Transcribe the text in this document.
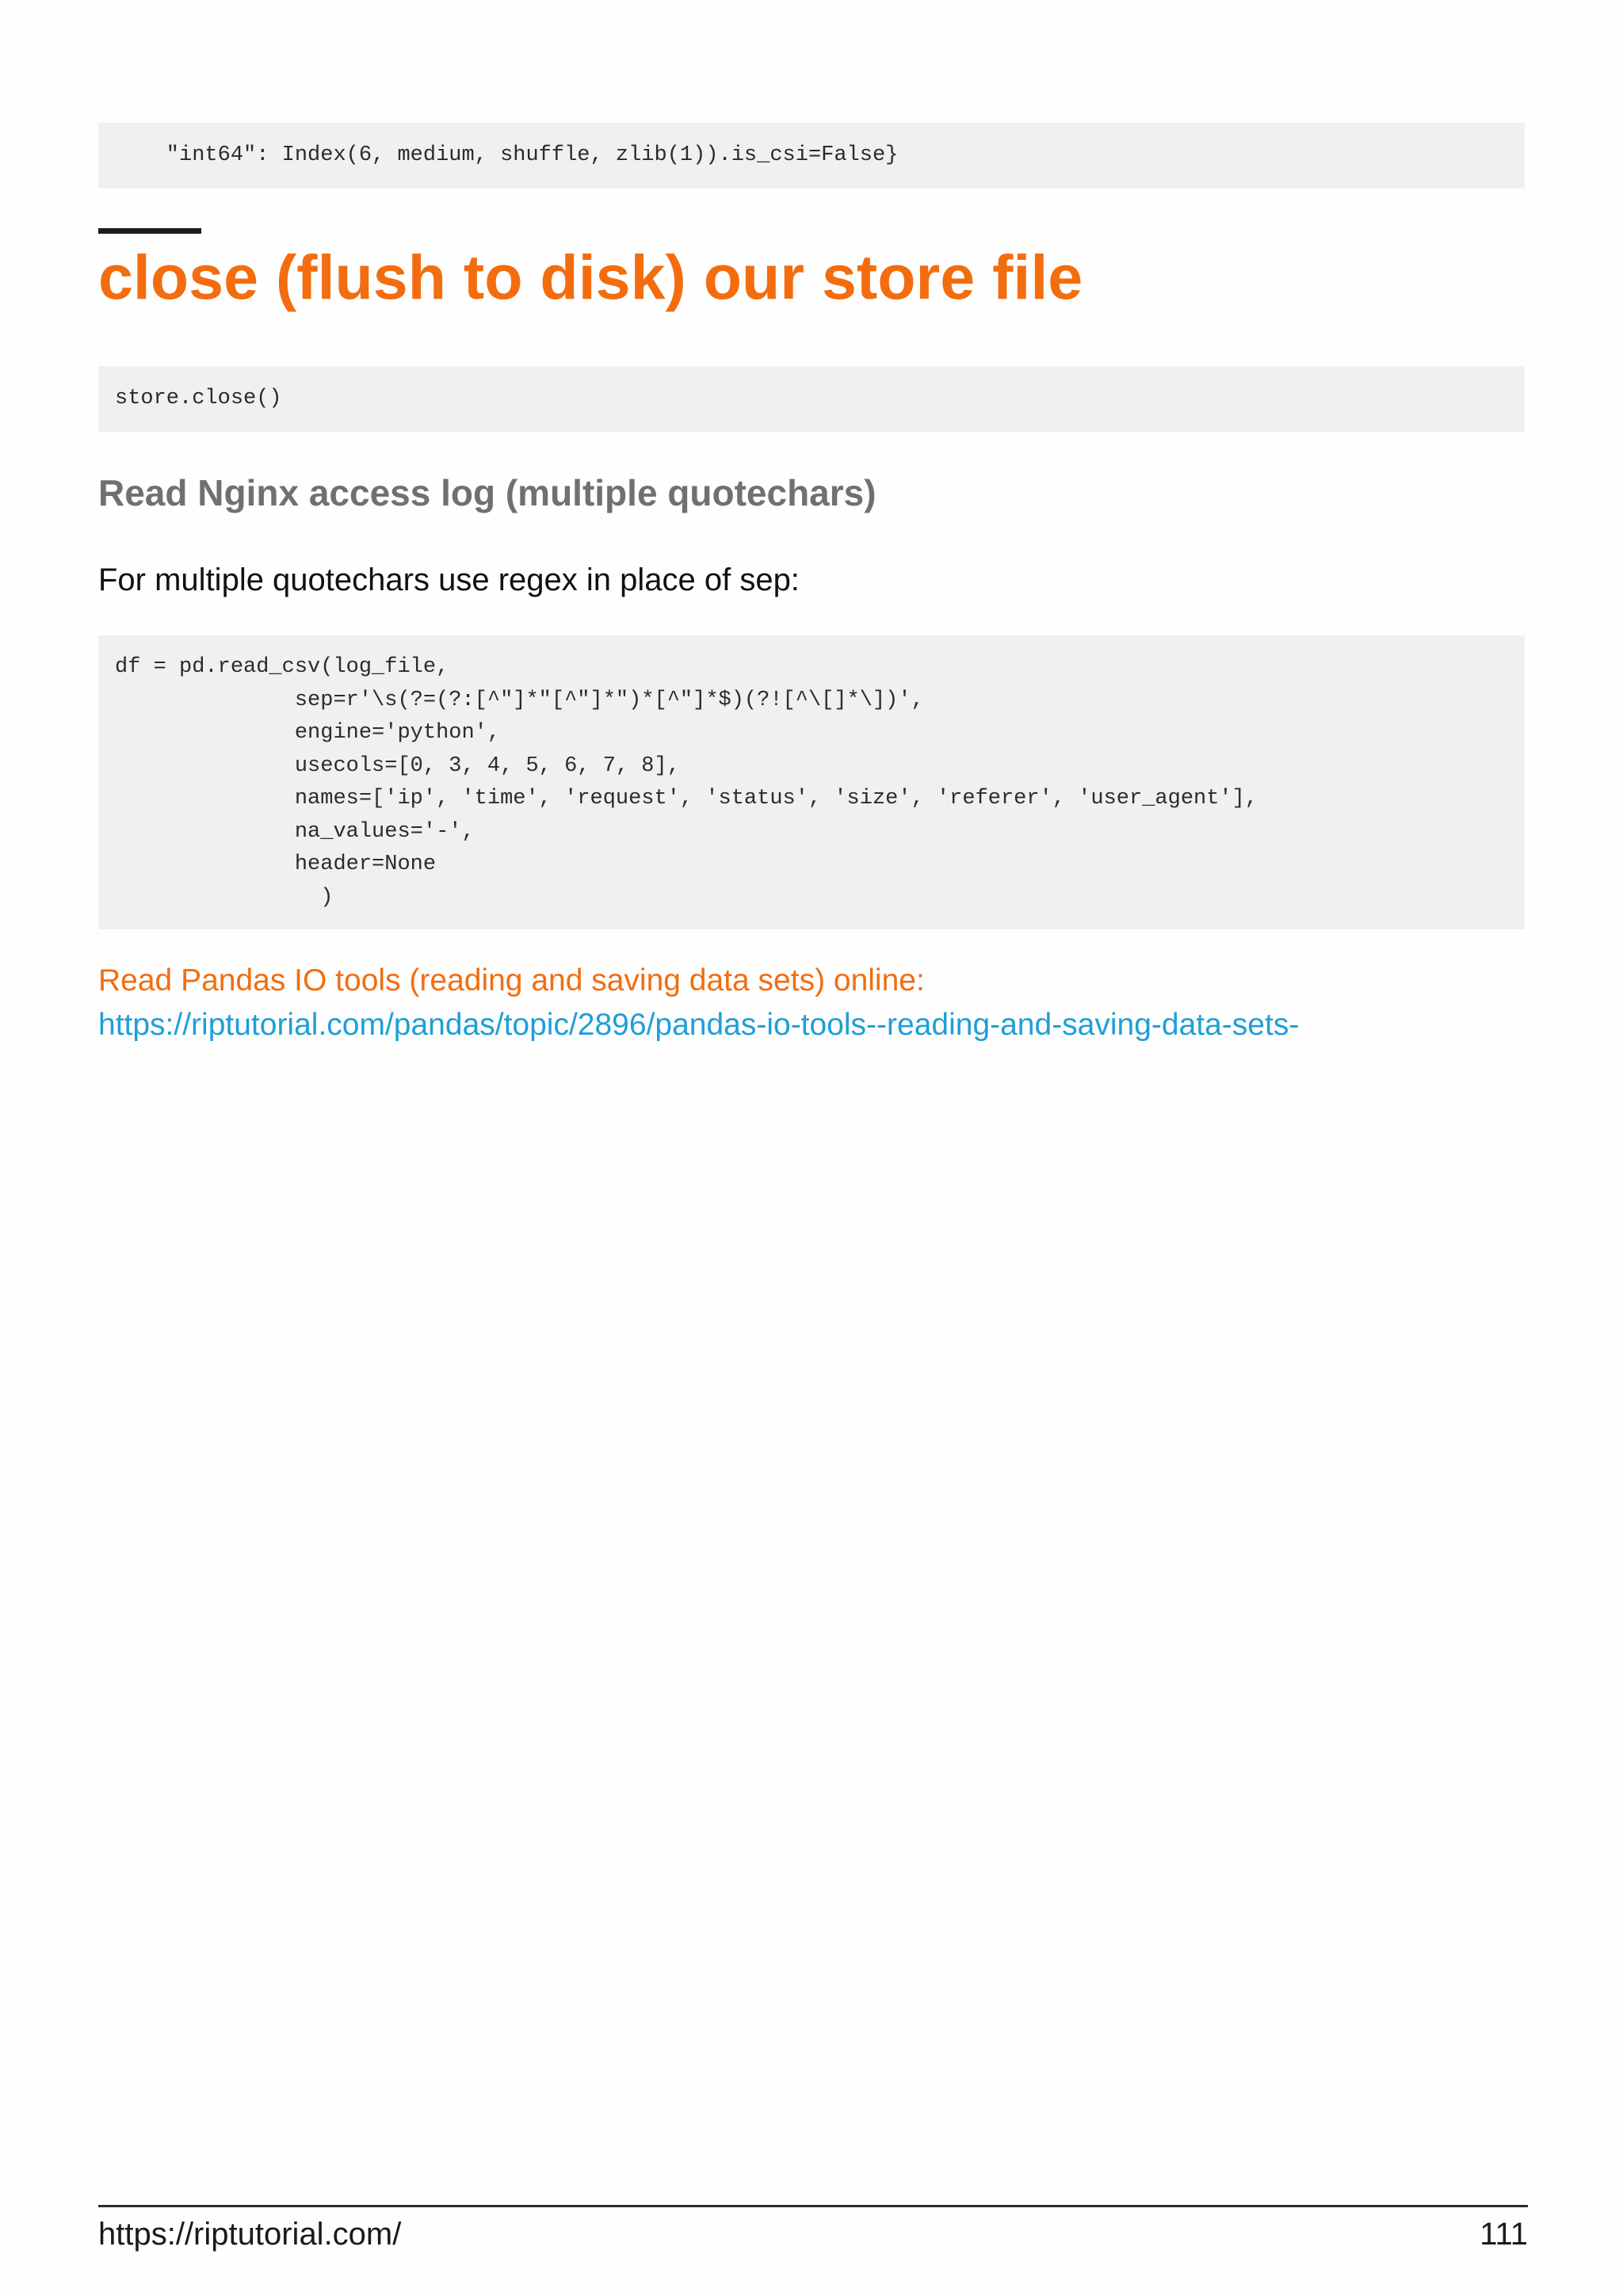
"int64": Index(6, medium, shuffle, zlib(1)).is_csi=False}
close (flush to disk) our store file
store.close()
Read Nginx access log (multiple quotechars)

For multiple quotechars use regex in place of sep:

df = pd.read_csv(log_file,
sep=r'\s(?=(?:[^"]*"[^"]*")*[^"]*$)(?![^\[]*\])',
engine='python',
usecols=[0, 3, 4, 5, 6, 7, 8],
names=['ip', 'time', 'request', 'status', 'size', 'referer', 'user_agent'],
na_values='-',
header=None
)
Read Pandas IO tools (reading and saving data sets) online:
https://riptutorial.com/pandas/topic/2896/pandas-io-tools--reading-and-saving-data-sets-
https://riptutorial.com/	111
